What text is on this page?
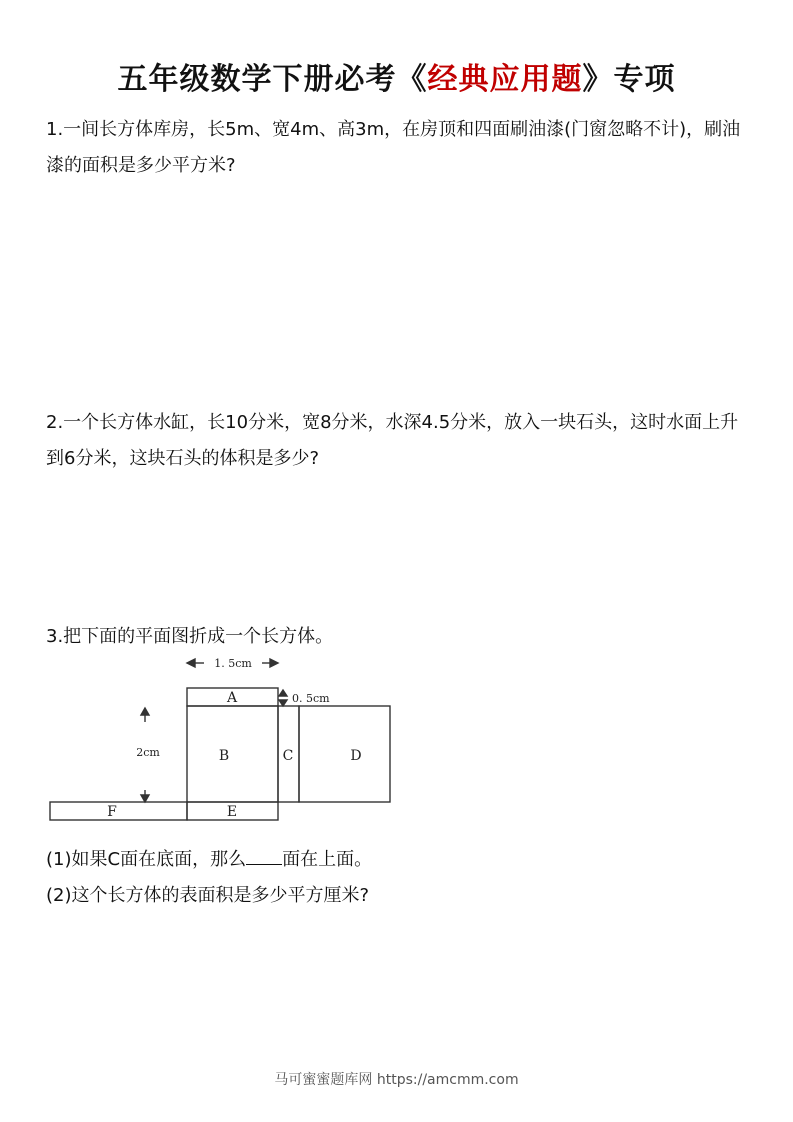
五年级数学下册必考《经典应用题》专项

1.一间长方体库房，长5m、宽4m、高3m，在房顶和四面刷油漆(门窗忽略不计)，刷油漆的面积是多少平方米?

2.一个长方体水缸，长10分米，宽8分米，水深4.5分米，放入一块石头，这时水面上升到6分米，这块石头的体积是多少?

3.把下面的平面图折成一个长方体。

A
B	C	D
E
F
1. 5cm
2cm
0. 5cm

(1)如果C面在底面，那么 面在上面。

(2)这个长方体的表面积是多少平方厘米?

马可蜜蜜题库网 https://amcmm.com
